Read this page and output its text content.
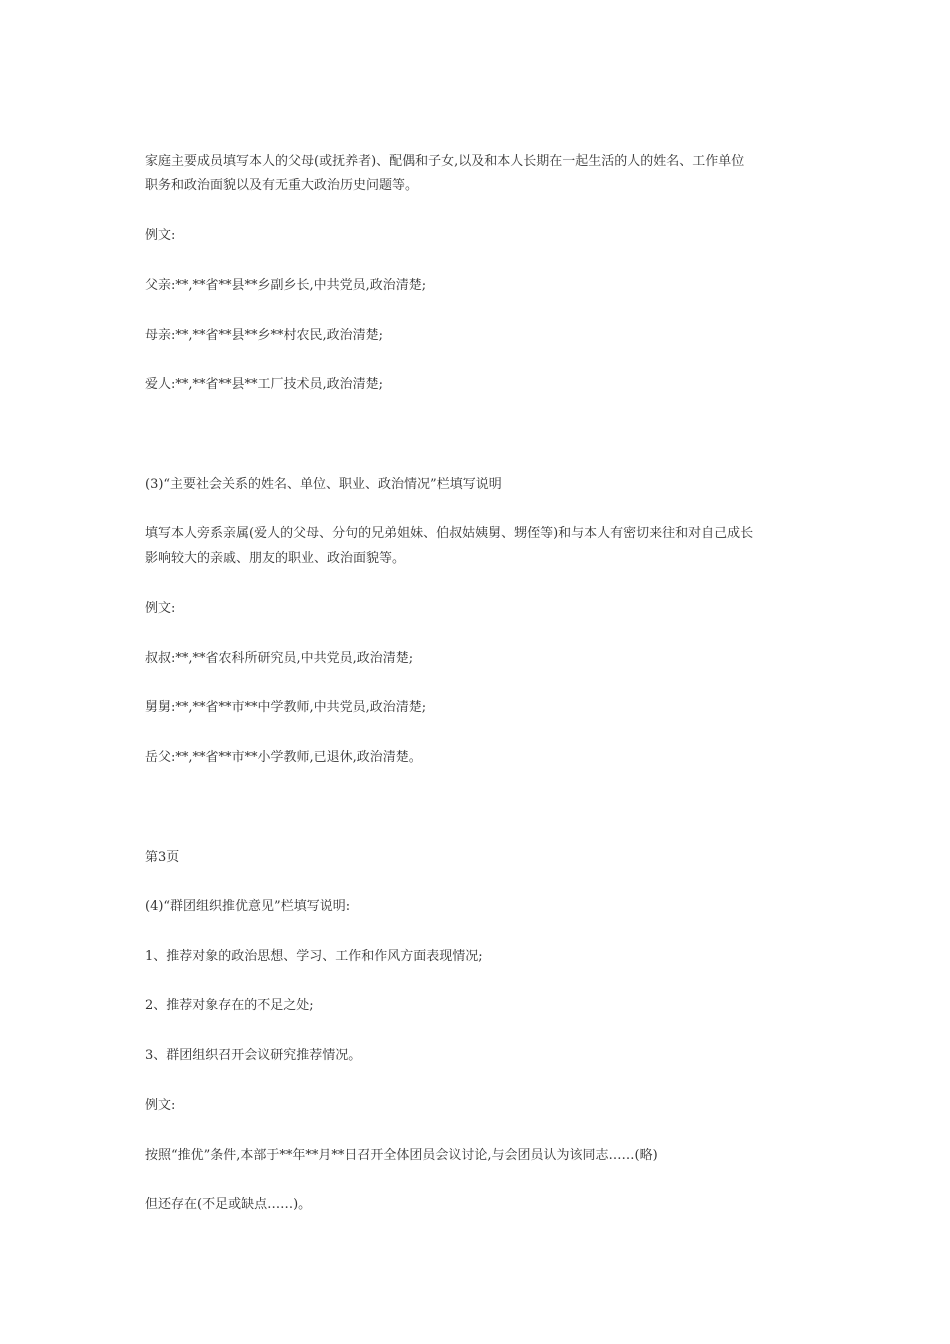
家庭主要成员填写本人的父母(或抚养者)、配偶和子女,以及和本人长期在一起生活的人的姓名、工作单位

职务和政治面貌以及有无重大政治历史问题等。

例文:

父亲:**,**省**县**乡副乡长,中共党员,政治清楚;

母亲:**,**省**县**乡**村农民,政治清楚;

爱人:**,**省**县**工厂技术员,政治清楚;

(3)“主要社会关系的姓名、单位、职业、政治情况”栏填写说明

填写本人旁系亲属(爱人的父母、分句的兄弟姐妹、伯叔姑姨舅、甥侄等)和与本人有密切来往和对自己成长

影响较大的亲戚、朋友的职业、政治面貌等。

例文:

叔叔:**,**省农科所研究员,中共党员,政治清楚;

舅舅:**,**省**市**中学教师,中共党员,政治清楚;

岳父:**,**省**市**小学教师,已退休,政治清楚。

第3页

(4)“群团组织推优意见”栏填写说明:

1、推荐对象的政治思想、学习、工作和作风方面表现情况;

2、推荐对象存在的不足之处;

3、群团组织召开会议研究推荐情况。

例文:

按照“推优”条件,本部于**年**月**日召开全体团员会议讨论,与会团员认为该同志……(略)

但还存在(不足或缺点……)。
